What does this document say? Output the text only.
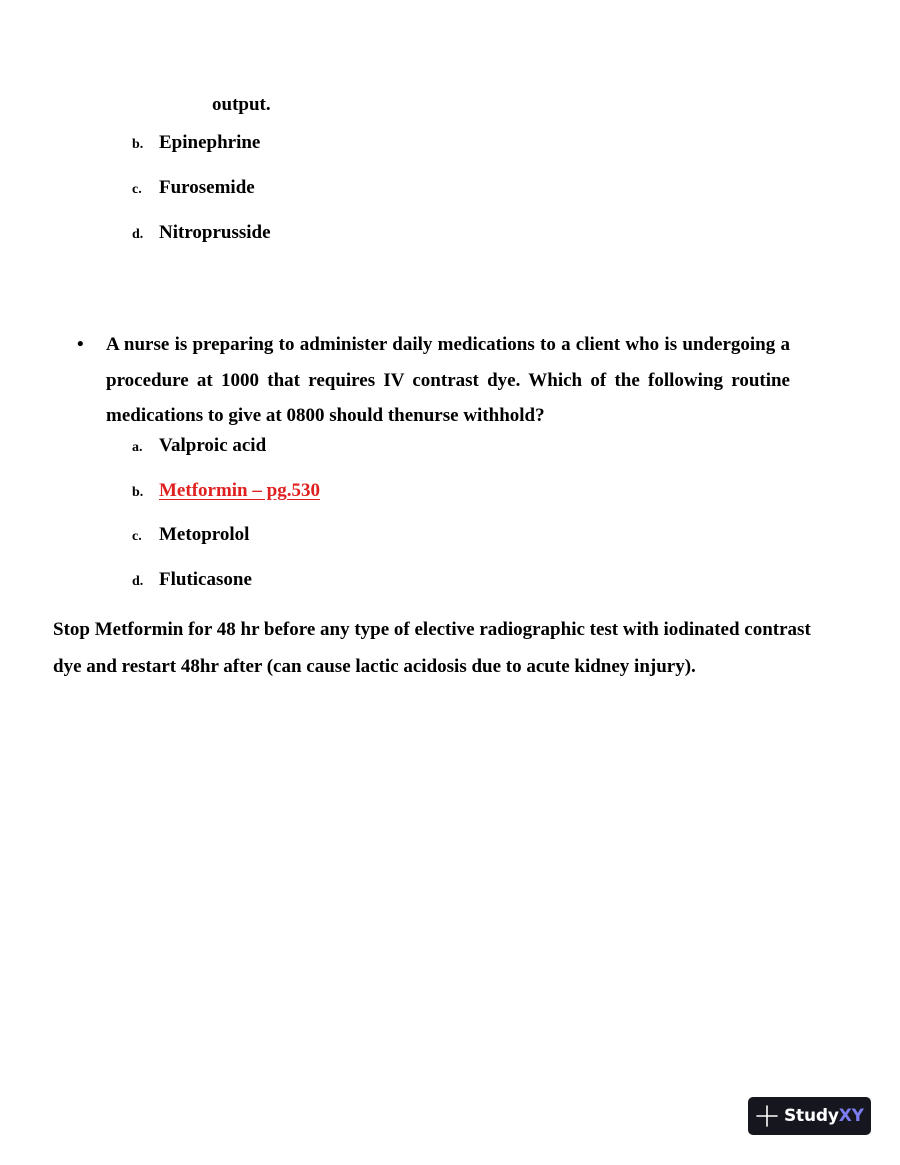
output.
b. Epinephrine
c. Furosemide
d. Nitroprusside
• A nurse is preparing to administer daily medications to a client who is undergoing a procedure at 1000 that requires IV contrast dye. Which of the following routine medications to give at 0800 should thenurse withhold?
a. Valproic acid
b. Metformin – pg.530
c. Metoprolol
d. Fluticasone
Stop Metformin for 48 hr before any type of elective radiographic test with iodinated contrast dye and restart 48hr after (can cause lactic acidosis due to acute kidney injury).
StudyXY
